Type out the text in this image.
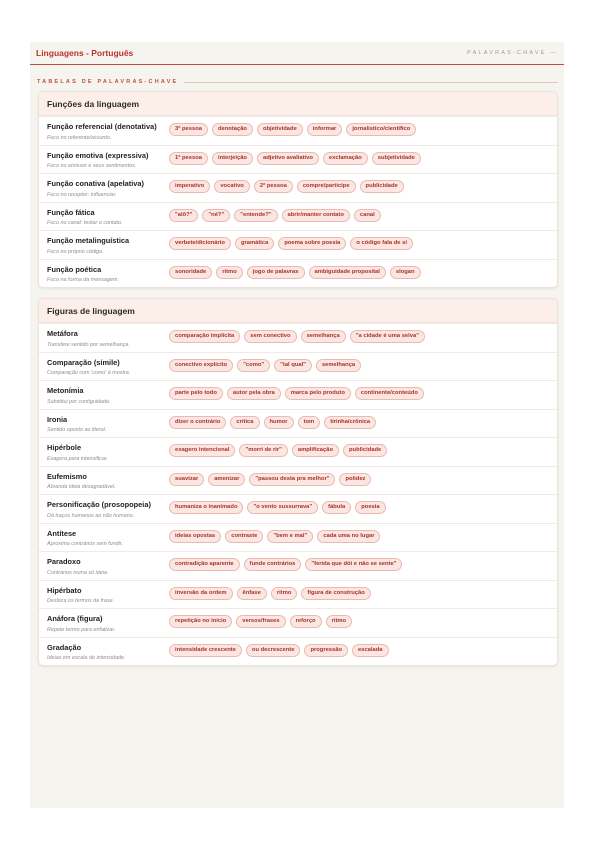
Linguagens - Português	PALAVRAS-CHAVE —
TABELAS DE PALAVRAS-CHAVE
Funções da linguagem
Função referencial (denotativa)
Foco no referente/assunto.
3ª pessoa	denotação	objetividade	informar	jornalístico/científico
Função emotiva (expressiva)
Foco no emissor e seus sentimentos.
1ª pessoa	interjeição	adjetivo avaliativo	exclamação	subjetividade
Função conativa (apelativa)
Foco no receptor: influenciar.
imperativo	vocativo	2ª pessoa	compre/participe	publicidade
Função fática
Foco no canal: testar o contato.
"alô?"	"né?"	"entende?"	abrir/manter contato	canal
Função metalinguística
Foco no próprio código.
verbete/dicionário	gramática	poema sobre poesia	o código fala de si
Função poética
Foco na forma da mensagem.
sonoridade	ritmo	jogo de palavras	ambiguidade proposital	slogan
Figuras de linguagem
Metáfora
Transfere sentido por semelhança.
comparação implícita	sem conectivo	semelhança	"a cidade é uma selva"
Comparação (símile)
Comparação com 'como' à mostra.
conectivo explícito	"como"	"tal qual"	semelhança
Metonímia
Substitui por contiguidade.
parte pelo todo	autor pela obra	marca pelo produto	continente/conteúdo
Ironia
Sentido oposto ao literal.
dizer o contrário	crítica	humor	tom	tirinha/crônica
Hipérbole
Exagera para intensificar.
exagero intencional	"morri de rir"	amplificação	publicidade
Eufemismo
Abranda ideia desagradável.
suavizar	amenizar	"passou desta pra melhor"	polidez
Personificação (prosopopeia)
Dá traços humanos ao não humano.
humaniza o inanimado	"o vento sussurrava"	fábula	poesia
Antítese
Aproxima contrários sem fundir.
ideias opostas	contraste	"bem e mal"	cada uma no lugar
Paradoxo
Contrários numa só ideia.
contradição aparente	funde contrários	"ferida que dói e não se sente"
Hipérbato
Desloca os termos da frase.
inversão da ordem	ênfase	ritmo	figura de construção
Anáfora (figura)
Repete termo para enfatizar.
repetição no início	versos/frases	reforço	ritmo
Gradação
Ideias em escala de intensidade.
intensidade crescente	ou decrescente	progressão	escalada
